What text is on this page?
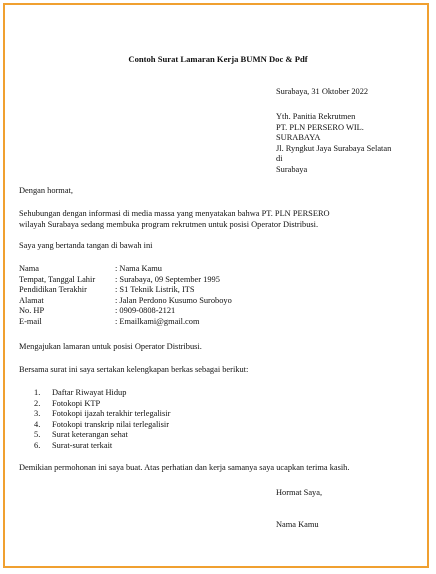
Contoh Surat Lamaran Kerja BUMN Doc & Pdf
Surabaya, 31 Oktober 2022
Yth. Panitia Rekrutmen
PT. PLN PERSERO WIL.
SURABAYA
Jl. Ryngkut Jaya Surabaya Selatan
di
Surabaya
Dengan hormat,
Sehubungan dengan informasi di media massa yang menyatakan bahwa PT. PLN PERSERO
wilayah Surabaya sedang membuka program rekrutmen untuk posisi Operator Distribusi.
Saya yang bertanda tangan di bawah ini
Nama	: Nama Kamu
Tempat, Tanggal Lahir	: Surabaya, 09 September 1995
Pendidikan Terakhir	: S1 Teknik Listrik, ITS
Alamat	: Jalan Perdono Kusumo Suroboyo
No. HP	: 0909-0808-2121
E-mail	: Emailkami@gmail.com
Mengajukan lamaran untuk posisi Operator Distribusi.
Bersama surat ini saya sertakan kelengkapan berkas sebagai berikut:
1.	Daftar Riwayat Hidup
2.	Fotokopi KTP
3.	Fotokopi ijazah terakhir terlegalisir
4.	Fotokopi transkrip nilai terlegalisir
5.	Surat keterangan sehat
6.	Surat-surat terkait
Demikian permohonan ini saya buat. Atas perhatian dan kerja samanya saya ucapkan terima kasih.
Hormat Saya,
Nama Kamu
